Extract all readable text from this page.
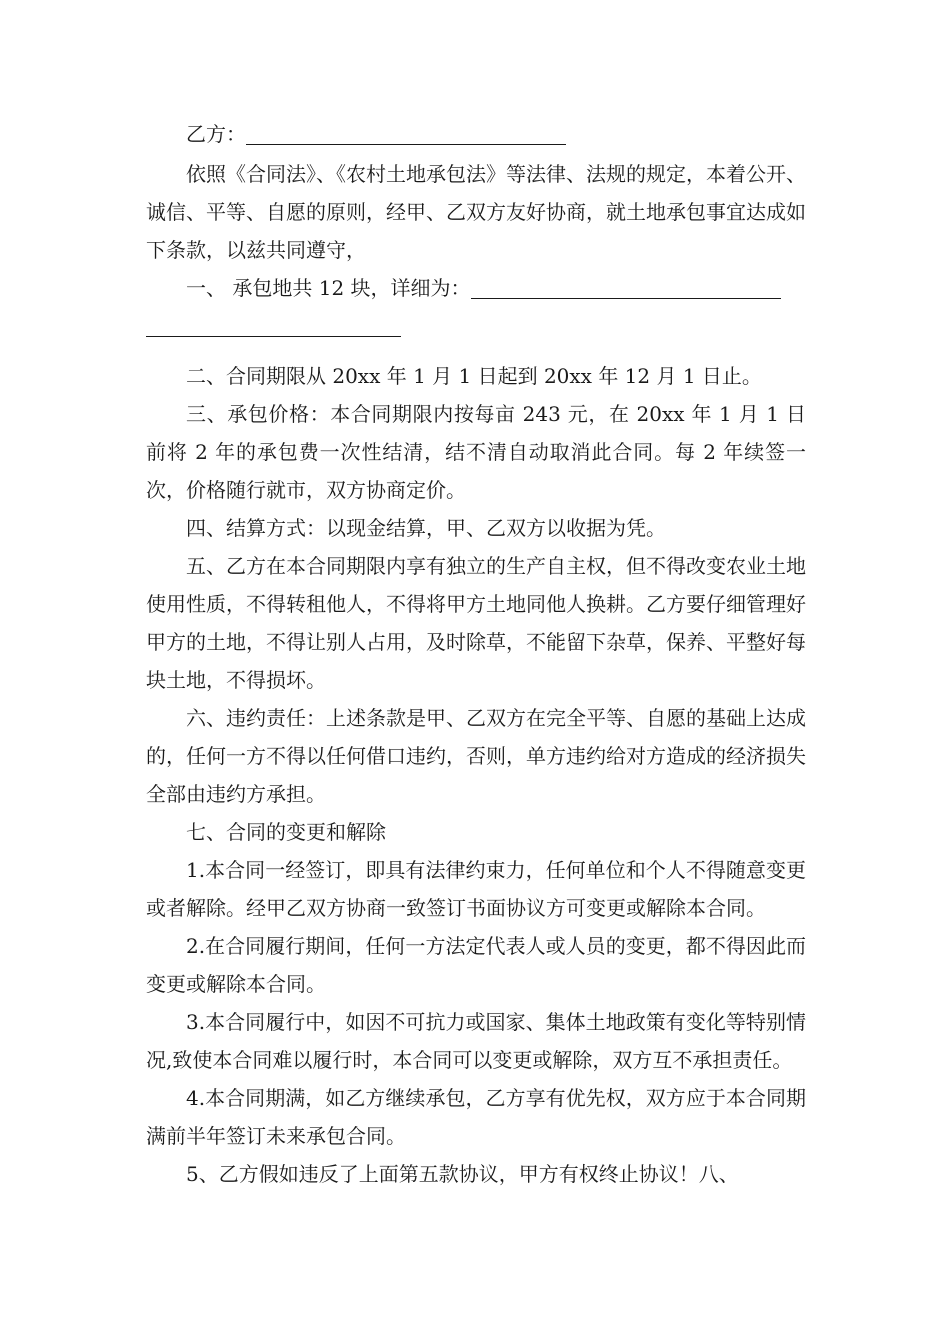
乙方：

依照《合同法》、《农村土地承包法》等法律、法规的规定，本着公开、诚信、平等、自愿的原则，经甲、乙双方友好协商，就土地承包事宜达成如下条款，以兹共同遵守，

一、 承包地共 12 块，详细为：

二、合同期限从 20xx 年 1 月 1 日起到 20xx 年 12 月 1 日止。

三、承包价格：本合同期限内按每亩 243 元，在 20xx 年 1 月 1 日前将 2 年的承包费一次性结清，结不清自动取消此合同。每 2 年续签一次，价格随行就市，双方协商定价。

四、结算方式：以现金结算，甲、乙双方以收据为凭。

五、乙方在本合同期限内享有独立的生产自主权，但不得改变农业土地使用性质，不得转租他人，不得将甲方土地同他人换耕。乙方要仔细管理好甲方的土地，不得让别人占用，及时除草，不能留下杂草，保养、平整好每块土地，不得损坏。

六、违约责任：上述条款是甲、乙双方在完全平等、自愿的基础上达成的，任何一方不得以任何借口违约，否则，单方违约给对方造成的经济损失全部由违约方承担。

七、合同的变更和解除

1.本合同一经签订，即具有法律约束力，任何单位和个人不得随意变更或者解除。经甲乙双方协商一致签订书面协议方可变更或解除本合同。

2.在合同履行期间，任何一方法定代表人或人员的变更，都不得因此而变更或解除本合同。

3.本合同履行中，如因不可抗力或国家、集体土地政策有变化等特别情况,致使本合同难以履行时，本合同可以变更或解除，双方互不承担责任。

4.本合同期满，如乙方继续承包，乙方享有优先权，双方应于本合同期满前半年签订未来承包合同。

5、乙方假如违反了上面第五款协议，甲方有权终止协议！八、
